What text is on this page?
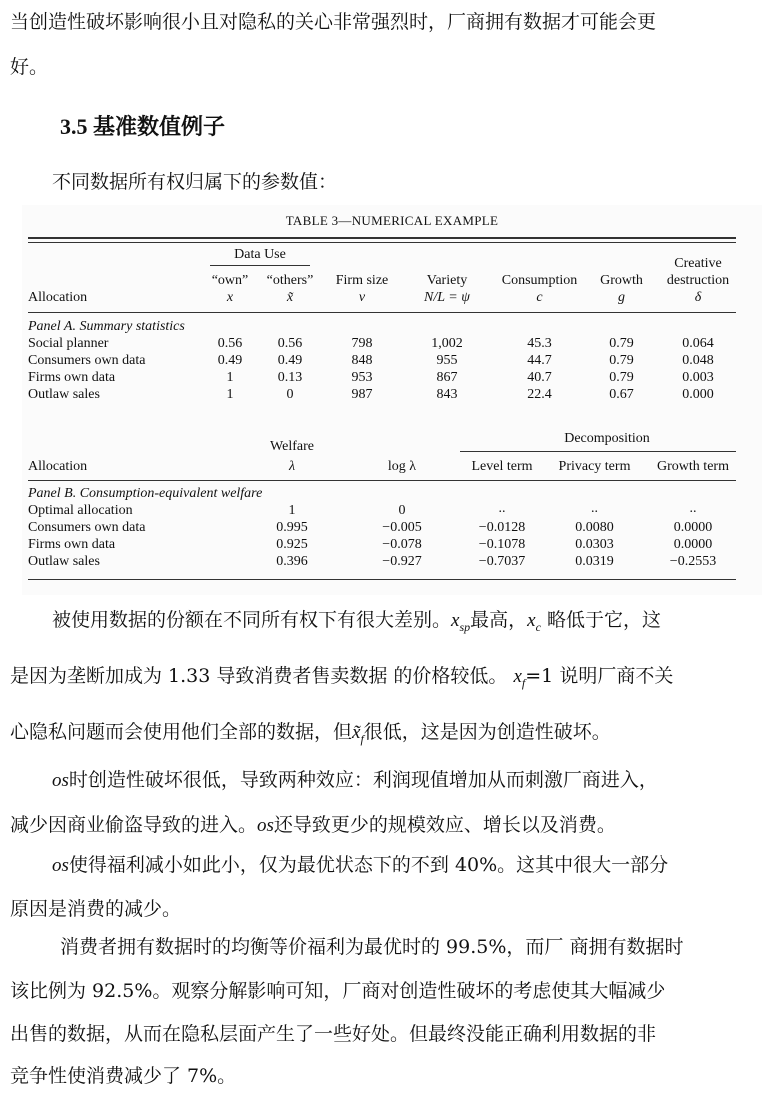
当创造性破坏影响很小且对隐私的关心非常强烈时，厂商拥有数据才可能会更
好。
3.5 基准数值例子
不同数据所有权归属下的参数值：
TABLE 3—NUMERICAL EXAMPLE
Data Use
“own”	“others”	Firm size	Variety	Consumption	Growth
Creative
destruction
Allocation	x	x̃	ν	N/L = ψ	c	g	δ
Panel A. Summary statistics
Social planner	0.56	0.56	798	1,002	45.3	0.79	0.064
Consumers own data	0.49	0.49	848	955	44.7	0.79	0.048
Firms own data	1	0.13	953	867	40.7	0.79	0.003
Outlaw sales	1	0	987	843	22.4	0.67	0.000
Decomposition
Welfare
Allocation	λ	log λ	Level term	Privacy term	Growth term
Panel B. Consumption-equivalent welfare
Optimal allocation	1	0	..	..	..
Consumers own data	0.995	−0.005	−0.0128	0.0080	0.0000
Firms own data	0.925	−0.078	−0.1078	0.0303	0.0000
Outlaw sales	0.396	−0.927	−0.7037	0.0319	−0.2553
被使用数据的份额在不同所有权下有很大差别。$x_{sp}$最高，$x_c$ 略低于它，这
是因为垄断加成为 1.33 导致消费者售卖数据 的价格较低。 $x_f=1$ 说明厂商不关
心隐私问题而会使用他们全部的数据，但$x̃_f$很低，这是因为创造性破坏。
os时创造性破坏很低，导致两种效应：利润现值增加从而刺激厂商进入，
减少因商业偷盗导致的进入。os还导致更少的规模效应、增长以及消费。
os使得福利减小如此小，仅为最优状态下的不到 40%。这其中很大一部分
原因是消费的减少。
消费者拥有数据时的均衡等价福利为最优时的 99.5%，而厂 商拥有数据时
该比例为 92.5%。观察分解影响可知，厂商对创造性破坏的考虑使其大幅减少
出售的数据，从而在隐私层面产生了一些好处。但最终没能正确利用数据的非
竞争性使消费减少了 7%。
